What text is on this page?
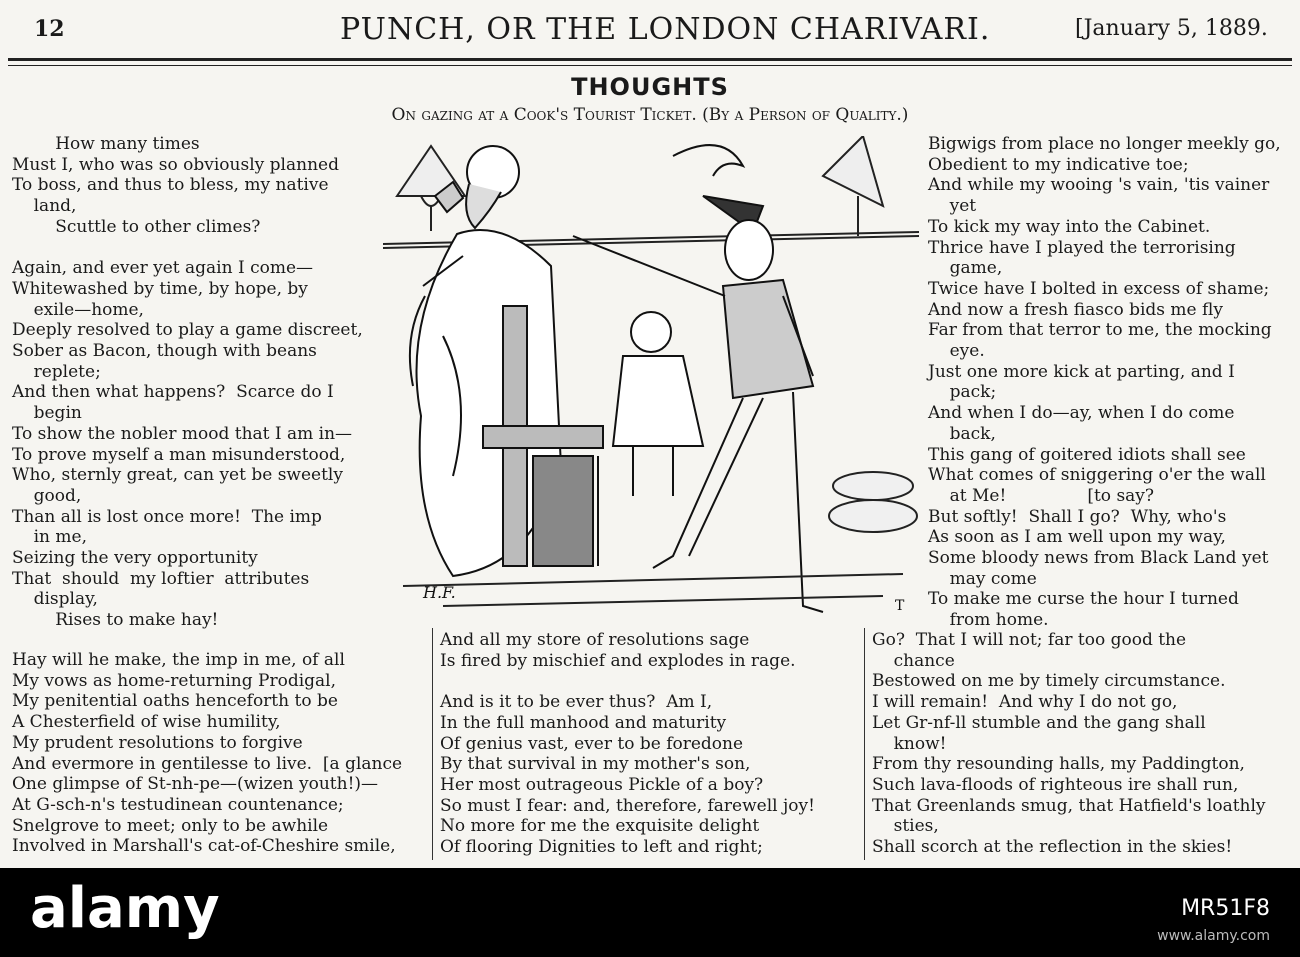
12	PUNCH, OR THE LONDON CHARIVARI.	[January 5, 1889.
THOUGHTS
On gazing at a Cook's Tourist Ticket. (By a Person of Quality.)
How many times
Must I, who was so obviously planned
To boss, and thus to bless, my native
land,
Scuttle to other climes?

Again, and ever yet again I come—
Whitewashed by time, by hope, by
exile—home,
Deeply resolved to play a game discreet,
Sober as Bacon, though with beans
replete;
And then what happens?  Scarce do I
begin
To show the nobler mood that I am in—
To prove myself a man misunderstood,
Who, sternly great, can yet be sweetly
good,
Than all is lost once more!  The imp
in me,
Seizing the very opportunity
That  should  my loftier  attributes
display,
Rises to make hay!
Bigwigs from place no longer meekly go,
Obedient to my indicative toe;
And while my wooing 's vain, 'tis vainer
yet
To kick my way into the Cabinet.
Thrice have I played the terrorising
game,
Twice have I bolted in excess of shame;
And now a fresh fiasco bids me fly
Far from that terror to me, the mocking
eye.
Just one more kick at parting, and I
pack;
And when I do—ay, when I do come
back,
This gang of goitered idiots shall see
What comes of sniggering o'er the wall
at Me!               [to say?
But softly!  Shall I go?  Why, who's
As soon as I am well upon my way,
Some bloody news from Black Land yet
may come
To make me curse the hour I turned
from home.
H.F.
T
Hay will he make, the imp in me, of all
My vows as home-returning Prodigal,
My penitential oaths henceforth to be
A Chesterfield of wise humility,
My prudent resolutions to forgive
And evermore in gentilesse to live.  [a glance
One glimpse of St-nh-pe—(wizen youth!)—
At G-sch-n's testudinean countenance;
Snelgrove to meet; only to be awhile
Involved in Marshall's cat-of-Cheshire smile,
And all my store of resolutions sage
Is fired by mischief and explodes in rage.

And is it to be ever thus?  Am I,
In the full manhood and maturity
Of genius vast, ever to be foredone
By that survival in my mother's son,
Her most outrageous Pickle of a boy?
So must I fear: and, therefore, farewell joy!
No more for me the exquisite delight
Of flooring Dignities to left and right;
Go?  That I will not; far too good the
chance
Bestowed on me by timely circumstance.
I will remain!  And why I do not go,
Let Gr-nf-ll stumble and the gang shall
know!
From thy resounding halls, my Paddington,
Such lava-floods of righteous ire shall run,
That Greenlands smug, that Hatfield's loathly
sties,
Shall scorch at the reflection in the skies!
alamy	MR51F8
www.alamy.com
